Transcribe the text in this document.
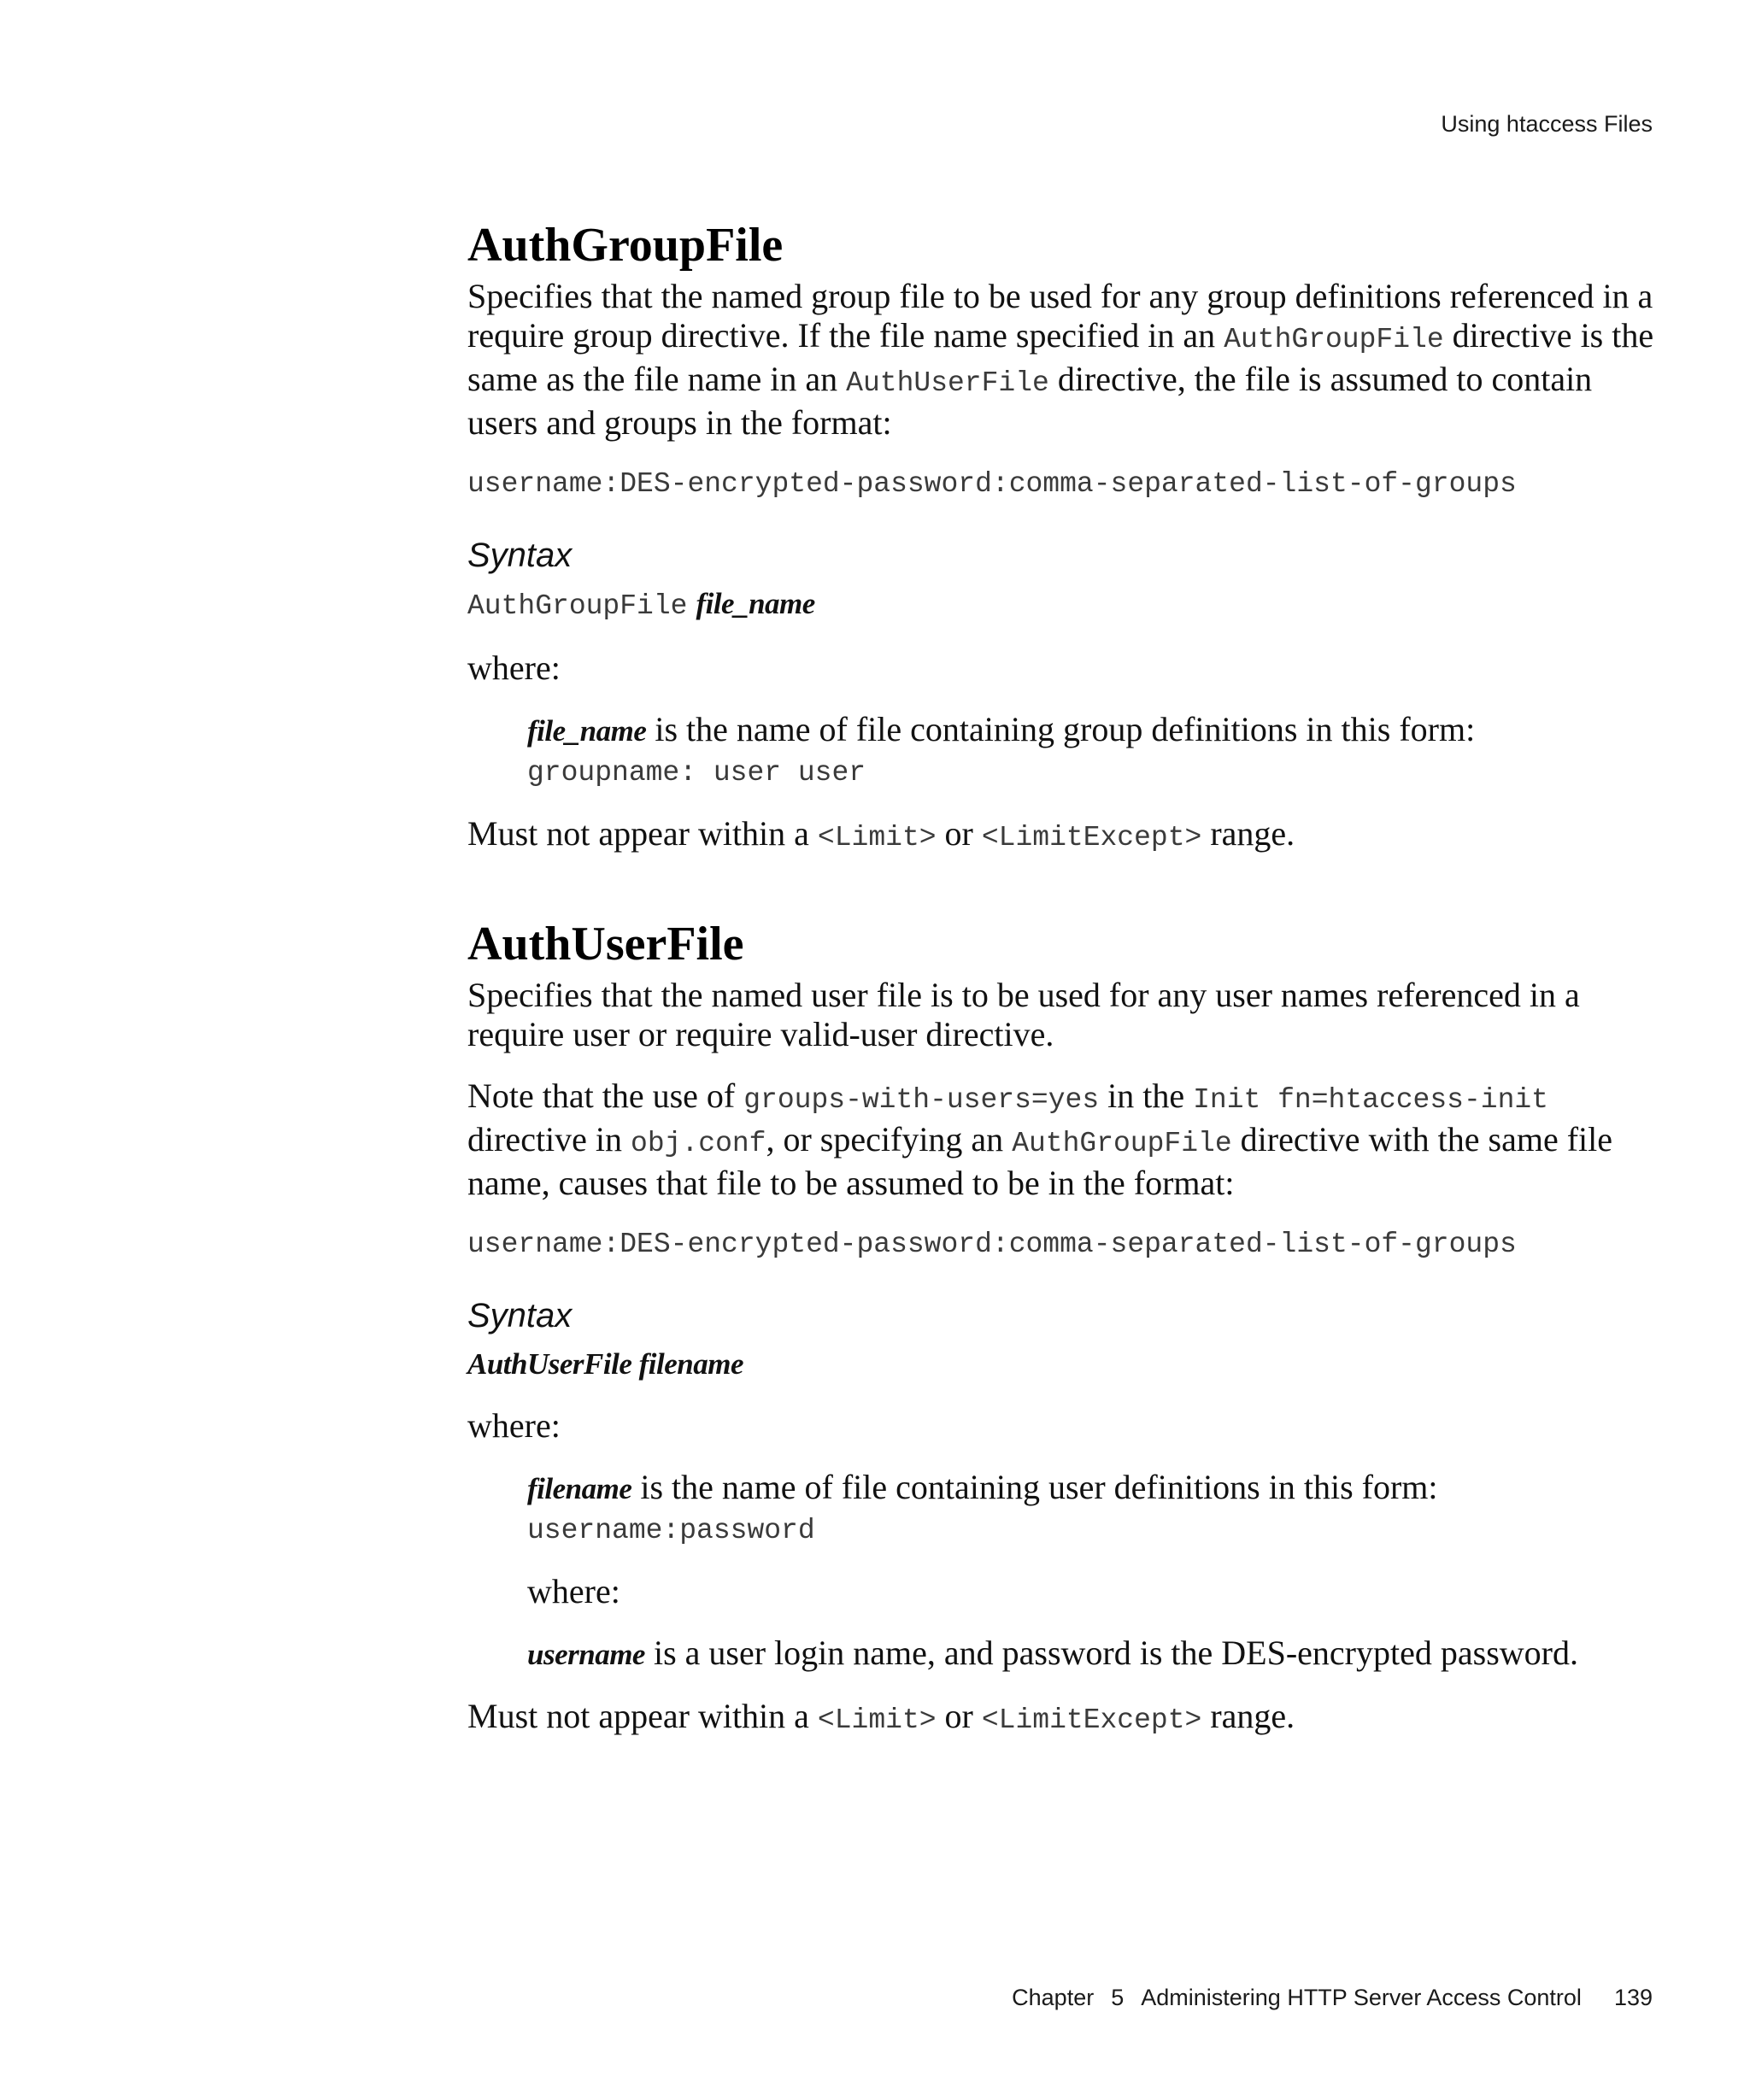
Using htaccess Files
AuthGroupFile

Specifies that the named group file to be used for any group definitions referenced in a require group directive. If the file name specified in an AuthGroupFile directive is the same as the file name in an AuthUserFile directive, the file is assumed to contain users and groups in the format:

username:DES-encrypted-password:comma-separated-list-of-groups
Syntax
AuthGroupFile file_name

where:

file_name is the name of file containing group definitions in this form:

groupname: user user

Must not appear within a <Limit> or <LimitExcept> range.

AuthUserFile

Specifies that the named user file is to be used for any user names referenced in a require user or require valid-user directive.

Note that the use of groups-with-users=yes in the Init fn=htaccess-init directive in obj.conf, or specifying an AuthGroupFile directive with the same file name, causes that file to be assumed to be in the format:

username:DES-encrypted-password:comma-separated-list-of-groups
Syntax
AuthUserFile filename

where:

filename is the name of file containing user definitions in this form:

username:password

where:

username is a user login name, and password is the DES-encrypted password.

Must not appear within a <Limit> or <LimitExcept> range.

Chapter 5 Administering HTTP Server Access Control 139
